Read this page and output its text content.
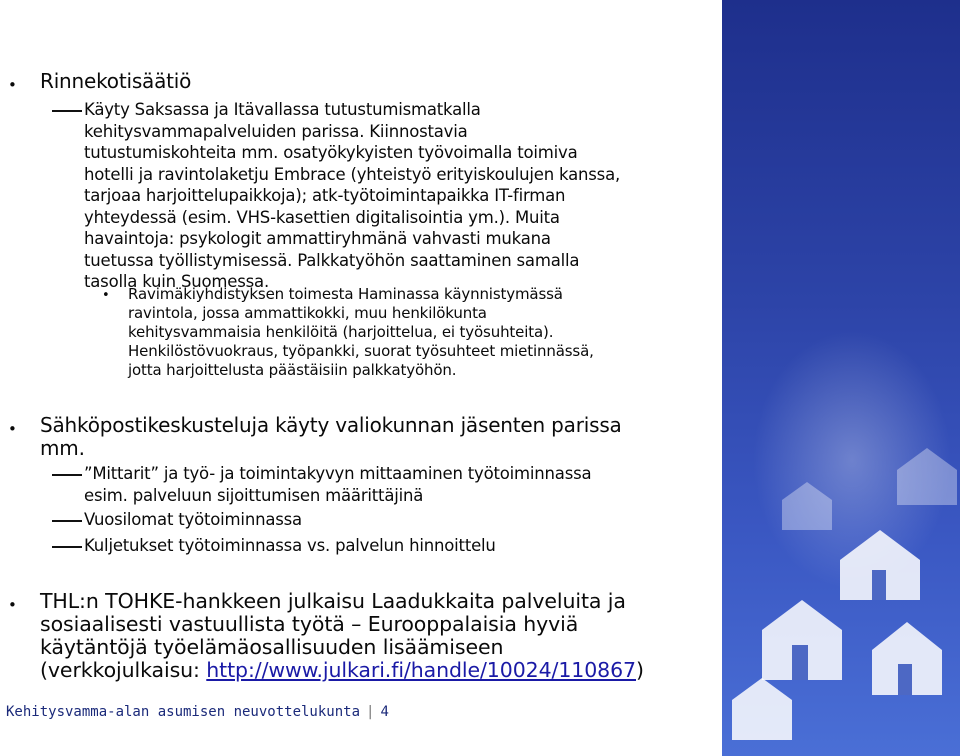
• Rinnekotisäätiö
Käyty Saksassa ja Itävallassa tutustumismatkalla
kehitysvammapalveluiden parissa. Kiinnostavia
tutustumiskohteita mm. osatyökykyisten työvoimalla toimiva
hotelli ja ravintolaketju Embrace (yhteistyö erityiskoulujen kanssa,
tarjoaa harjoittelupaikkoja); atk-työtoimintapaikka IT-firman
yhteydessä (esim. VHS-kasettien digitalisointia ym.). Muita
havaintoja: psykologit ammattiryhmänä vahvasti mukana
tuetussa työllistymisessä. Palkkatyöhön saattaminen samalla
tasolla kuin Suomessa.
• Ravimäkiyhdistyksen toimesta Haminassa käynnistymässä
ravintola, jossa ammattikokki, muu henkilökunta
kehitysvammaisia henkilöitä (harjoittelua, ei työsuhteita).
Henkilöstövuokraus, työpankki, suorat työsuhteet mietinnässä,
jotta harjoittelusta päästäisiin palkkatyöhön.
• Sähköpostikeskusteluja käyty valiokunnan jäsenten parissa
mm.
”Mittarit” ja työ- ja toimintakyvyn mittaaminen työtoiminnassa
esim. palveluun sijoittumisen määrittäjinä
Vuosilomat työtoiminnassa
Kuljetukset työtoiminnassa vs. palvelun hinnoittelu
• THL:n TOHKE-hankkeen julkaisu Laadukkaita palveluita ja
sosiaalisesti vastuullista työtä – Eurooppalaisia hyviä
käytäntöjä työelämäosallisuuden lisäämiseen
(verkkojulkaisu: http://www.julkari.fi/handle/10024/110867)
Kehitysvamma-alan asumisen neuvottelukunta | 4
